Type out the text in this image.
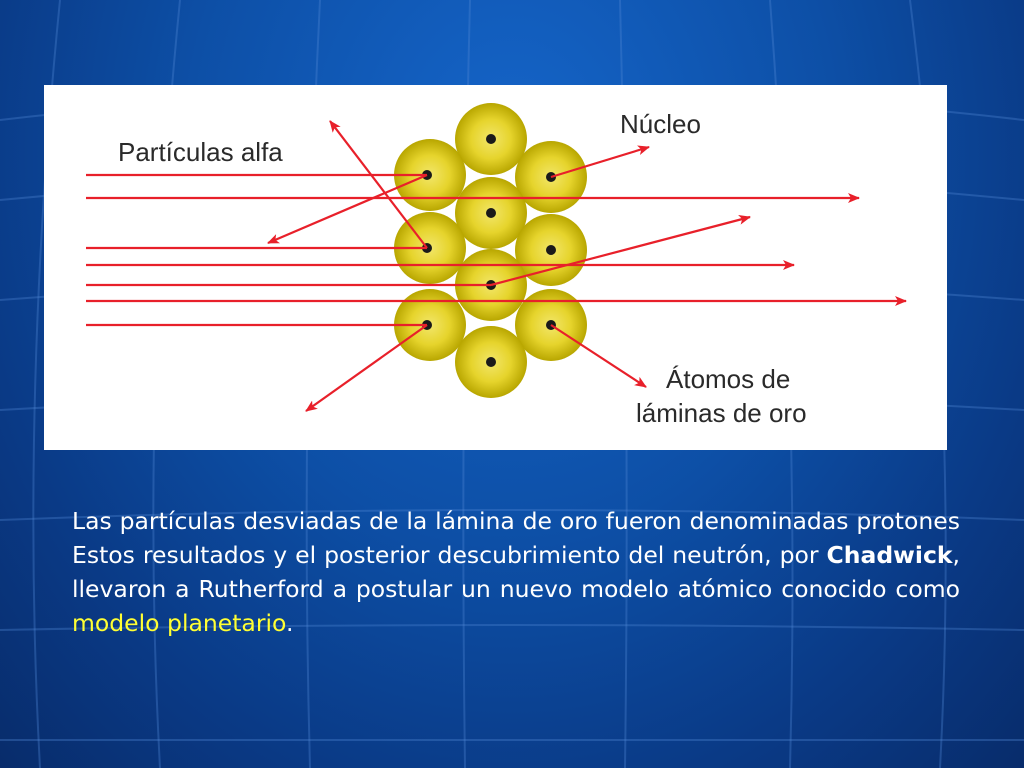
Partículas alfa
Núcleo
Átomos de
láminas de oro
Las partículas desviadas de la lámina de oro fueron denominadas protones Estos resultados y el posterior descubrimiento del neutrón, por Chadwick, llevaron a Rutherford a postular un nuevo modelo atómico conocido como modelo planetario.
